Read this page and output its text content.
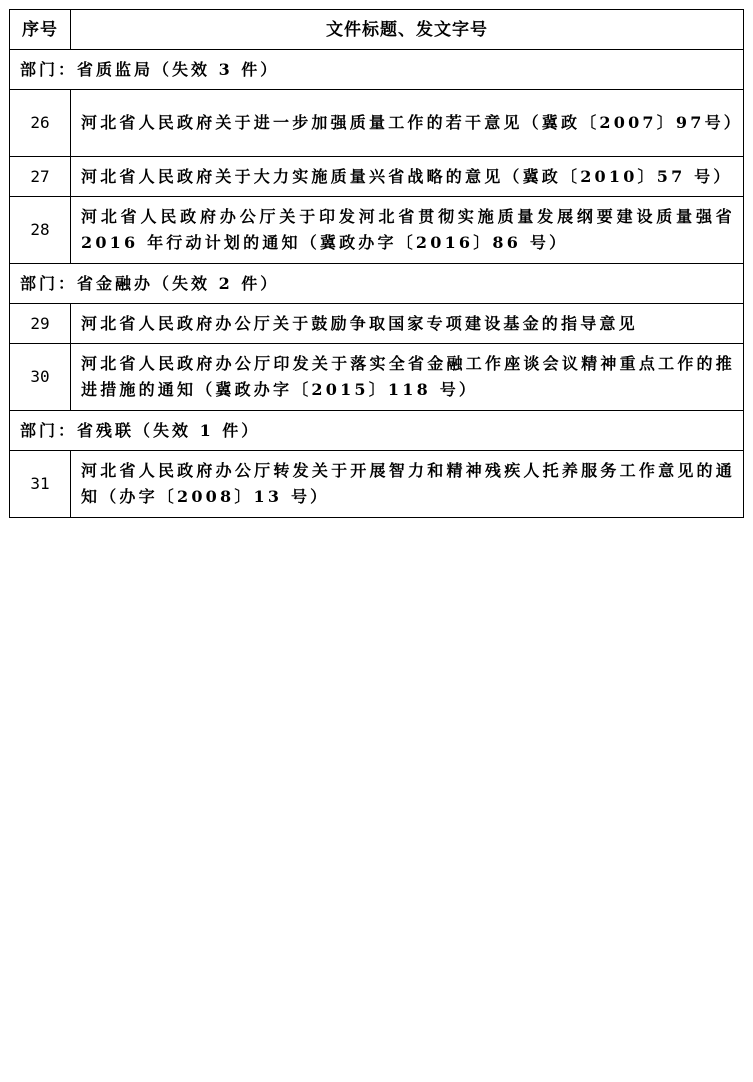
序号	文件标题、发文字号
部门：省质监局（失效 3 件）	
26	河北省人民政府关于进一步加强质量工作的若干意见（冀政〔2007〕97号）
27	河北省人民政府关于大力实施质量兴省战略的意见（冀政〔2010〕57 号）
28	河北省人民政府办公厅关于印发河北省贯彻实施质量发展纲要建设质量强省 2016 年行动计划的通知（冀政办字〔2016〕86 号）
部门：省金融办（失效 2 件）	
29	河北省人民政府办公厅关于鼓励争取国家专项建设基金的指导意见
30	河北省人民政府办公厅印发关于落实全省金融工作座谈会议精神重点工作的推进措施的通知（冀政办字〔2015〕118 号）
部门：省残联（失效 1 件）	
31	河北省人民政府办公厅转发关于开展智力和精神残疾人托养服务工作意见的通知（办字〔2008〕13 号）
